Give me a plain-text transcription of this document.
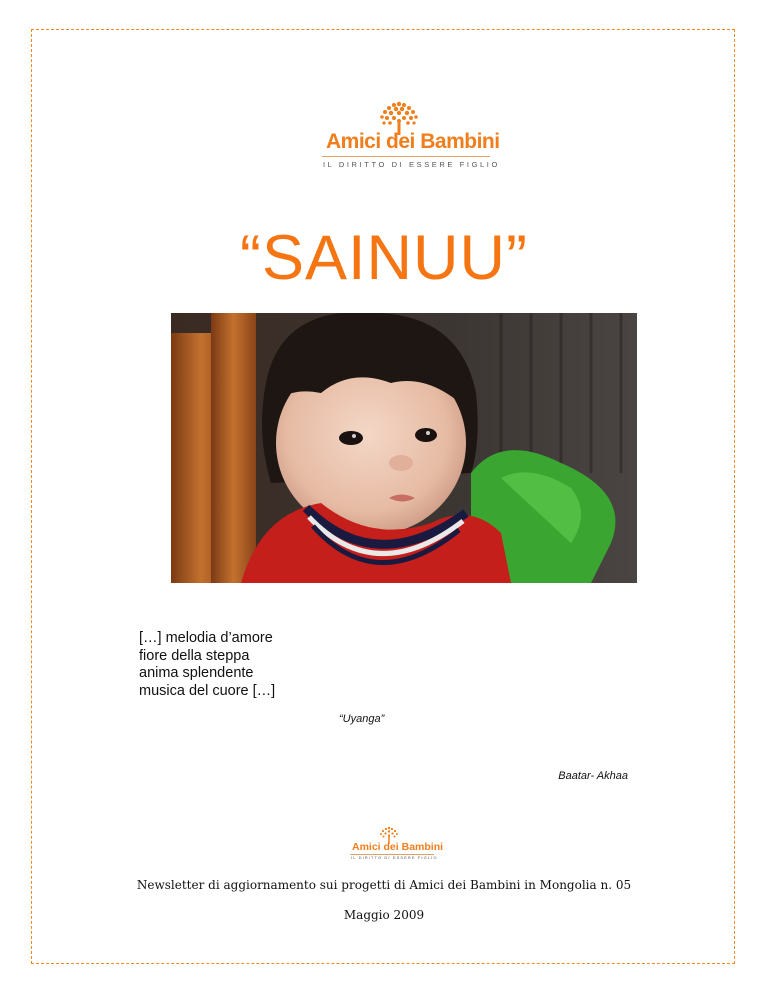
Amici dei Bambini
IL DIRITTO DI ESSERE FIGLIO
“SAINUU”
[…] melodia d’amore
fiore della steppa
anima splendente
musica del cuore […]
“Uyanga”
Baatar- Akhaa
Amici dei Bambini
IL DIRITTO DI ESSERE FIGLIO
Newsletter di aggiornamento sui progetti di Amici dei Bambini in Mongolia n. 05
Maggio 2009
